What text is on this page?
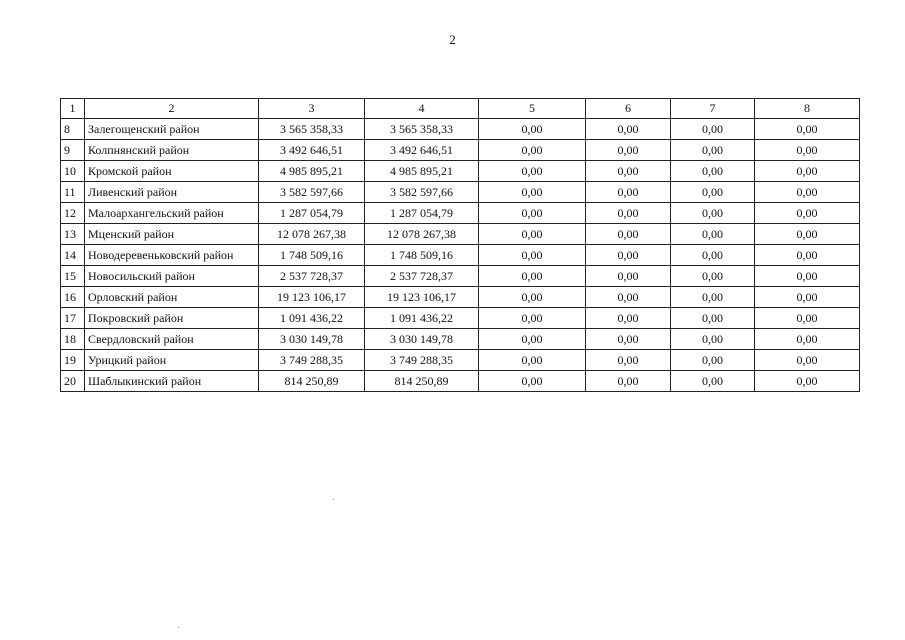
2
1	2	3	4	5	6	7	8
8	Залегощенский район	3 565 358,33	3 565 358,33	0,00	0,00	0,00	0,00
9	Колпнянский район	3 492 646,51	3 492 646,51	0,00	0,00	0,00	0,00
10	Кромской район	4 985 895,21	4 985 895,21	0,00	0,00	0,00	0,00
11	Ливенский район	3 582 597,66	3 582 597,66	0,00	0,00	0,00	0,00
12	Малоархангельский район	1 287 054,79	1 287 054,79	0,00	0,00	0,00	0,00
13	Мценский район	12 078 267,38	12 078 267,38	0,00	0,00	0,00	0,00
14	Новодеревеньковский район	1 748 509,16	1 748 509,16	0,00	0,00	0,00	0,00
15	Новосильский район	2 537 728,37	2 537 728,37	0,00	0,00	0,00	0,00
16	Орловский район	19 123 106,17	19 123 106,17	0,00	0,00	0,00	0,00
17	Покровский район	1 091 436,22	1 091 436,22	0,00	0,00	0,00	0,00
18	Свердловский район	3 030 149,78	3 030 149,78	0,00	0,00	0,00	0,00
19	Урицкий район	3 749 288,35	3 749 288,35	0,00	0,00	0,00	0,00
20	Шаблыкинский район	814 250,89	814 250,89	0,00	0,00	0,00	0,00
